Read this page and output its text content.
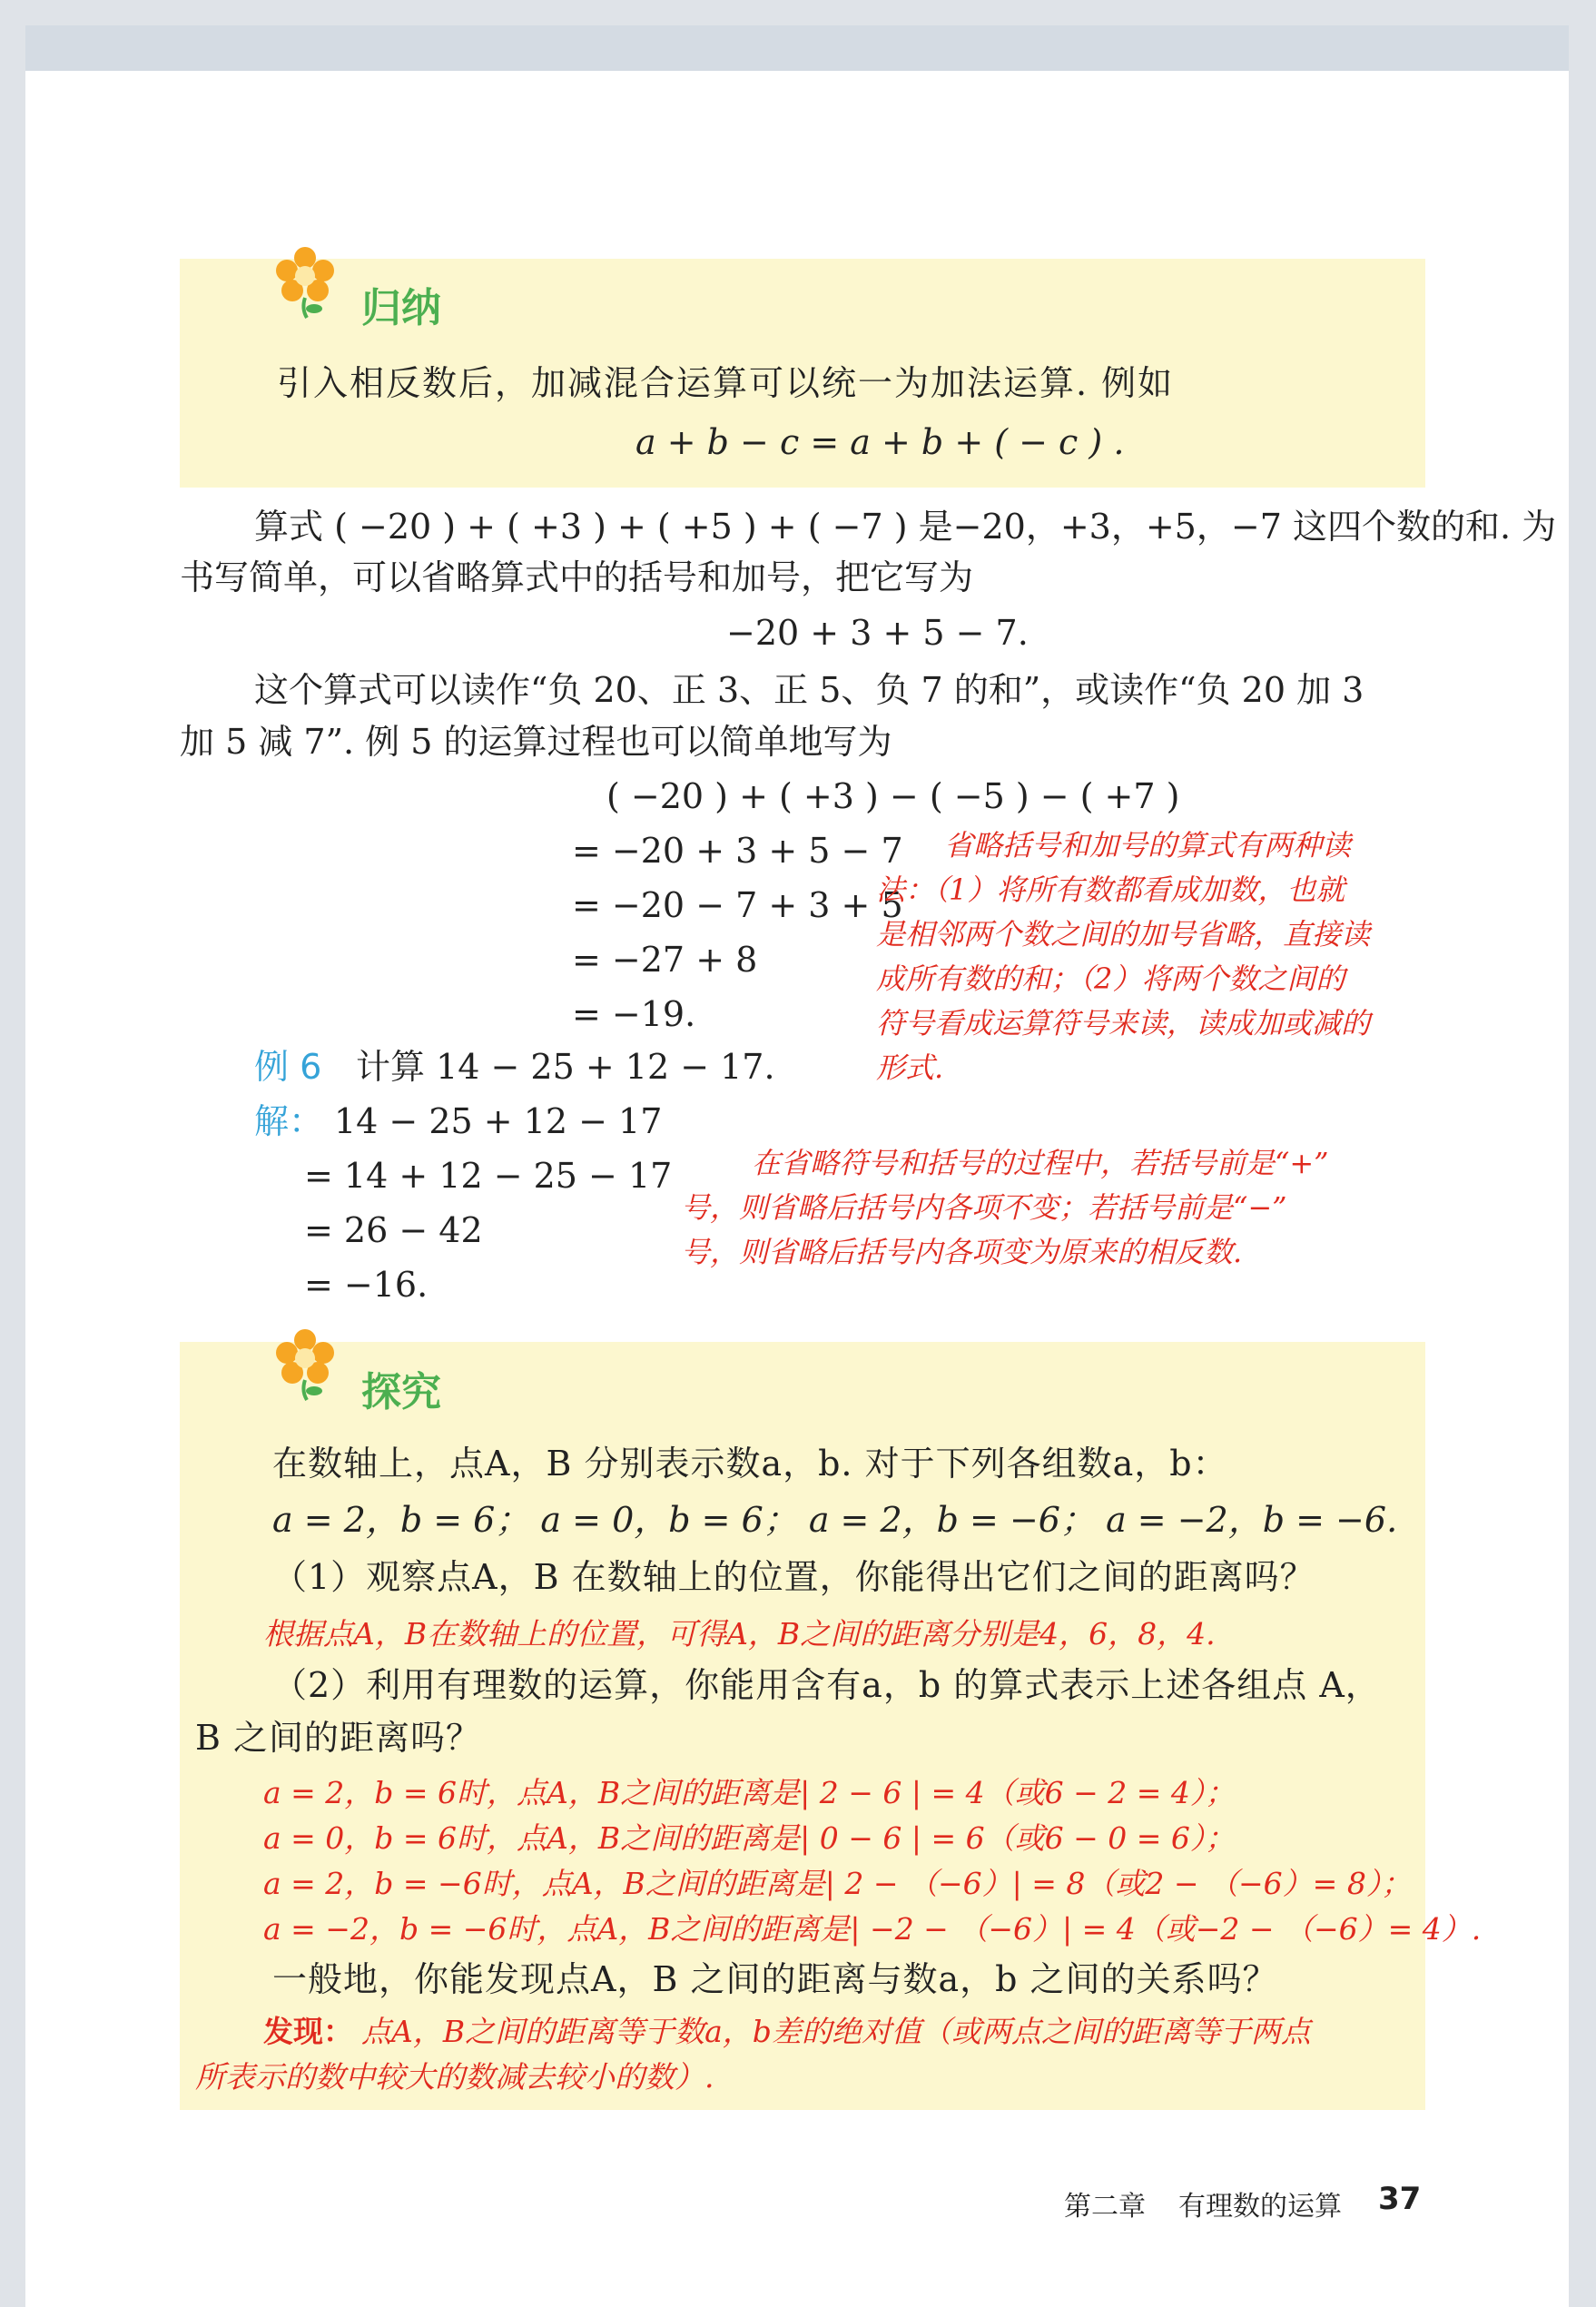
归纳
引入相反数后，加减混合运算可以统一为加法运算. 例如
a + b − c = a + b + ( − c ) .
算式 ( −20 ) + ( +3 ) + ( +5 ) + ( −7 ) 是−20，+3，+5，−7 这四个数的和. 为
书写简单，可以省略算式中的括号和加号，把它写为
−20 + 3 + 5 − 7.
这个算式可以读作“负 20、正 3、正 5、负 7 的和”，或读作“负 20 加 3
加 5 减 7”. 例 5 的运算过程也可以简单地写为
( −20 ) + ( +3 ) − ( −5 ) − ( +7 )
= −20 + 3 + 5 − 7
= −20 − 7 + 3 + 5
= −27 + 8
= −19.
省略括号和加号的算式有两种读
法：（1）将所有数都看成加数，也就
是相邻两个数之间的加号省略，直接读
成所有数的和；（2）将两个数之间的
符号看成运算符号来读，读成加或减的
形式.
例 6 计算 14 − 25 + 12 − 17.
解： 14 − 25 + 12 − 17
= 14 + 12 − 25 − 17
= 26 − 42
= −16.
在省略符号和括号的过程中，若括号前是“+”
号，则省略后括号内各项不变；若括号前是“−”
号，则省略后括号内各项变为原来的相反数.
探究
在数轴上，点A，B 分别表示数a，b. 对于下列各组数a，b：
a = 2，b = 6； a = 0，b = 6； a = 2，b = −6； a = −2，b = −6.
（1）观察点A，B 在数轴上的位置，你能得出它们之间的距离吗？
根据点A，B在数轴上的位置，可得A，B之间的距离分别是4，6，8，4.
（2）利用有理数的运算，你能用含有a，b 的算式表示上述各组点 A，
B 之间的距离吗？
a = 2，b = 6时，点A，B之间的距离是| 2 − 6 | = 4（或6 − 2 = 4）；
a = 0，b = 6时，点A，B之间的距离是| 0 − 6 | = 6（或6 − 0 = 6）；
a = 2，b = −6时，点A，B之间的距离是| 2 − （−6）| = 8（或2 − （−6）= 8）；
a = −2，b = −6时，点A，B之间的距离是| −2 − （−6）| = 4（或−2 − （−6）= 4）.
一般地，你能发现点A，B 之间的距离与数a，b 之间的关系吗？
发现： 点A，B之间的距离等于数a，b差的绝对值（或两点之间的距离等于两点
所表示的数中较大的数减去较小的数）.
第二章 有理数的运算 37
